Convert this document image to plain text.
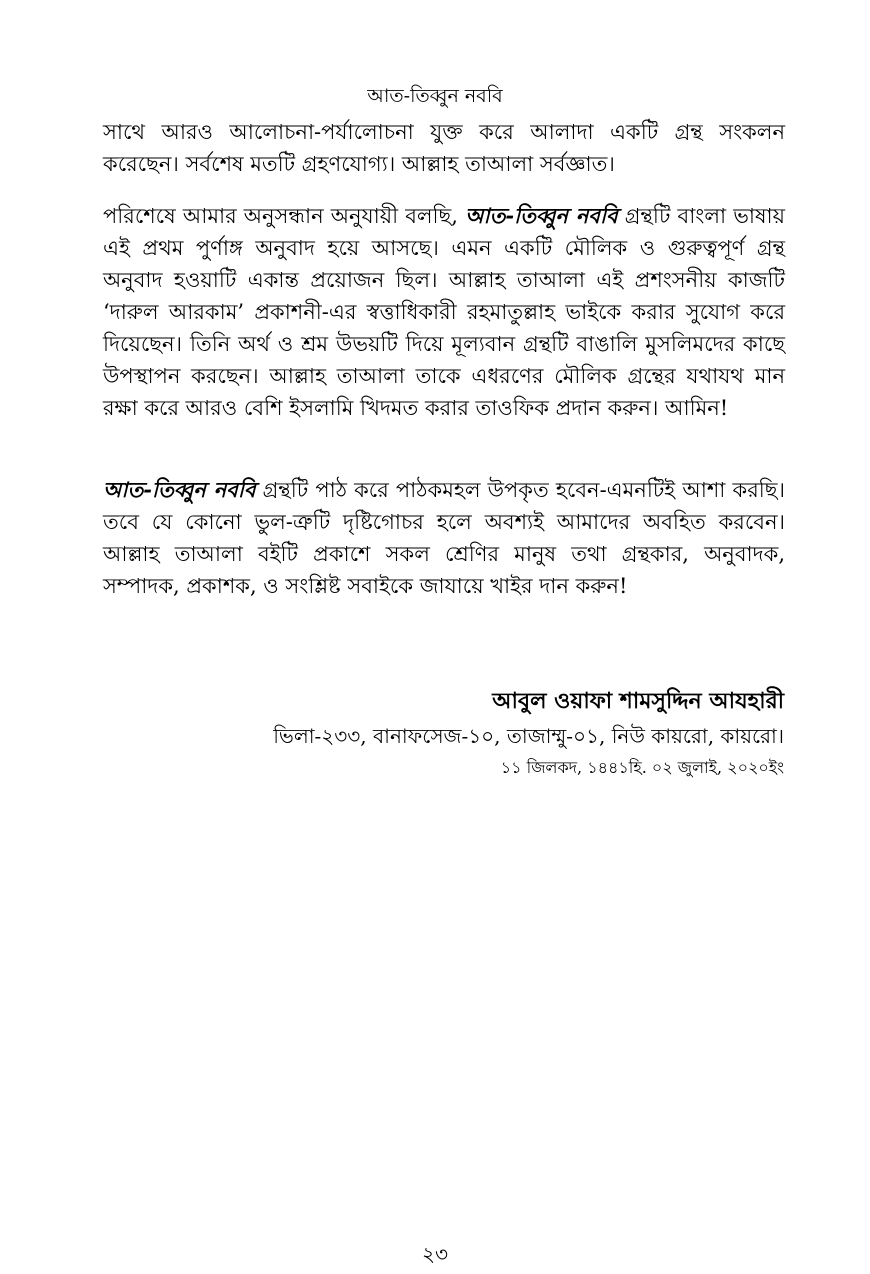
আত-তিব্বুন নববি

সাথে আরও আলোচনা-পর্যালোচনা যুক্ত করে আলাদা একটি গ্রন্থ সংকলন করেছেন। সর্বশেষ মতটি গ্রহণযোগ্য। আল্লাহ তাআলা সর্বজ্ঞাত।

পরিশেষে আমার অনুসন্ধান অনুযায়ী বলছি, আত-তিব্বুন নববি গ্রন্থটি বাংলা ভাষায় এই প্রথম পুর্ণাঙ্গ অনুবাদ হয়ে আসছে। এমন একটি মৌলিক ও গুরুত্বপূর্ণ গ্রন্থ অনুবাদ হওয়াটি একান্ত প্রয়োজন ছিল। আল্লাহ তাআলা এই প্রশংসনীয় কাজটি ‘দারুল আরকাম’ প্রকাশনী-এর স্বত্তাধিকারী রহমাতুল্লাহ ভাইকে করার সুযোগ করে দিয়েছেন। তিনি অর্থ ও শ্রম উভয়টি দিয়ে মূল্যবান গ্রন্থটি বাঙালি মুসলিমদের কাছে উপস্থাপন করছেন। আল্লাহ তাআলা তাকে এধরণের মৌলিক গ্রন্থের যথাযথ মান রক্ষা করে আরও বেশি ইসলামি খিদমত করার তাওফিক প্রদান করুন। আমিন!

আত-তিব্বুন নববি গ্রন্থটি পাঠ করে পাঠকমহল উপকৃত হবেন-এমনটিই আশা করছি। তবে যে কোনো ভুল-ত্রুটি দৃষ্টিগোচর হলে অবশ্যই আমাদের অবহিত করবেন। আল্লাহ তাআলা বইটি প্রকাশে সকল শ্রেণির মানুষ তথা গ্রন্থকার, অনুবাদক, সম্পাদক, প্রকাশক, ও সংশ্লিষ্ট সবাইকে জাযায়ে খাইর দান করুন!

আবুল ওয়াফা শামসুদ্দিন আযহারী
ভিলা-২৩৩, বানাফসেজ-১০, তাজাম্মু-০১, নিউ কায়রো, কায়রো।
১১ জিলকদ, ১৪৪১হি. ০২ জুলাই, ২০২০ইং
২৩
